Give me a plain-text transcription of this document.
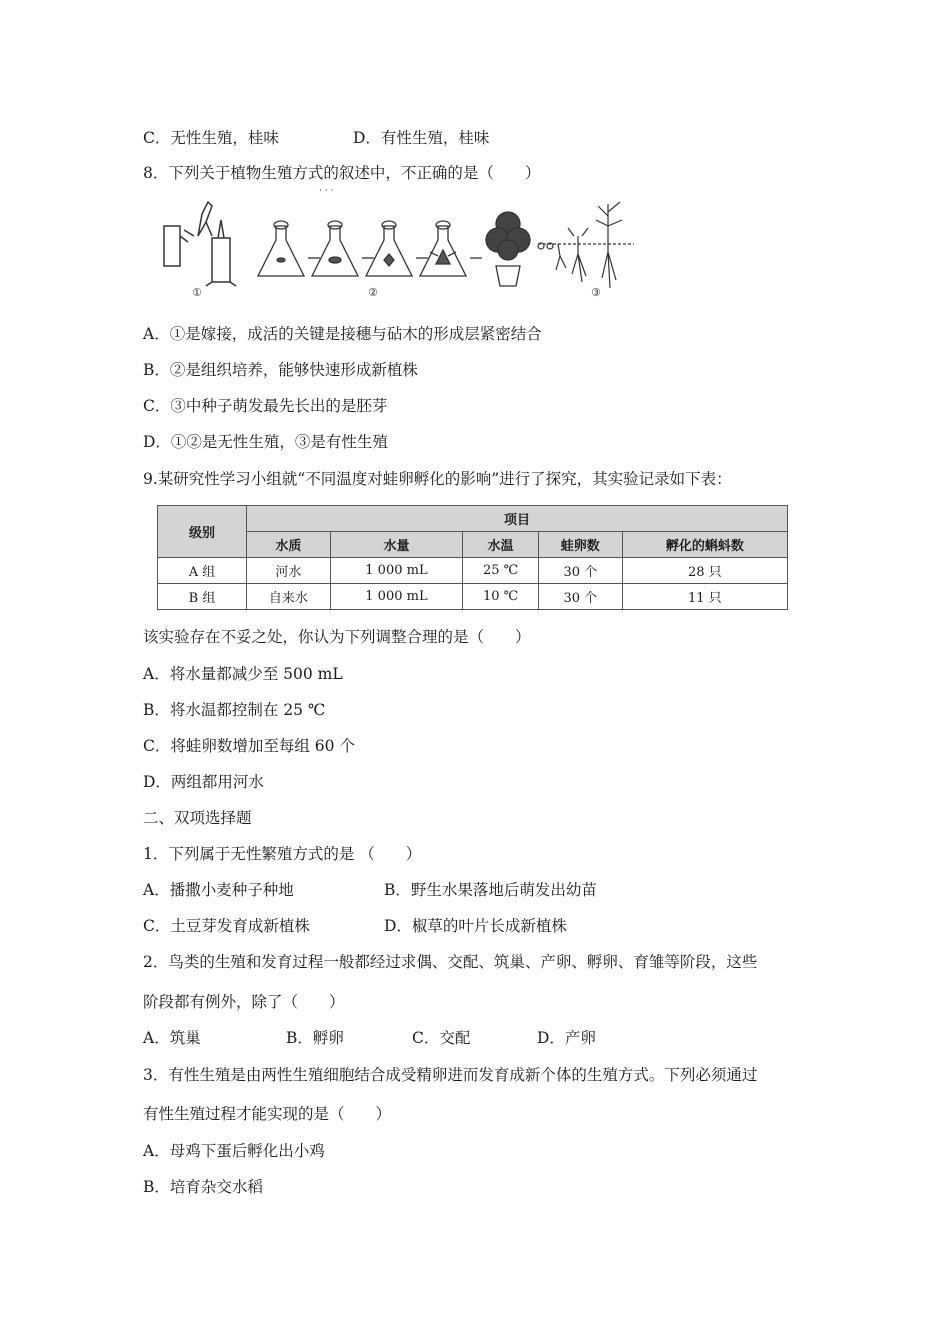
C．无性生殖，桂味	D．有性生殖，桂味
8．下列关于植物生殖方式的叙述中，不正确的是（　　）
· · ·
①	②	③
A．①是嫁接，成活的关键是接穗与砧木的形成层紧密结合
B．②是组织培养，能够快速形成新植株
C．③中种子萌发最先长出的是胚芽
D．①②是无性生殖，③是有性生殖
9.某研究性学习小组就“不同温度对蛙卵孵化的影响”进行了探究，其实验记录如下表：
级别	项目				
	水质	水量	水温	蛙卵数	孵化的蝌蚪数
A 组	河水	1 000 mL	25 ℃	30 个	28 只
B 组	自来水	1 000 mL	10 ℃	30 个	11 只
该实验存在不妥之处，你认为下列调整合理的是（　　）
A．将水量都减少至 500 mL
B．将水温都控制在 25 ℃
C．将蛙卵数增加至每组 60 个
D．两组都用河水
二、双项选择题
1．下列属于无性繁殖方式的是 （　　）
A．播撒小麦种子种地	B．野生水果落地后萌发出幼苗
C．土豆芽发育成新植株	D．椒草的叶片长成新植株
2．鸟类的生殖和发育过程一般都经过求偶、交配、筑巢、产卵、孵卵、育雏等阶段，这些
阶段都有例外，除了（　　）
A．筑巢	B．孵卵	C．交配	D．产卵
3．有性生殖是由两性生殖细胞结合成受精卵进而发育成新个体的生殖方式。下列必须通过
有性生殖过程才能实现的是（　　）
A．母鸡下蛋后孵化出小鸡
B．培育杂交水稻
